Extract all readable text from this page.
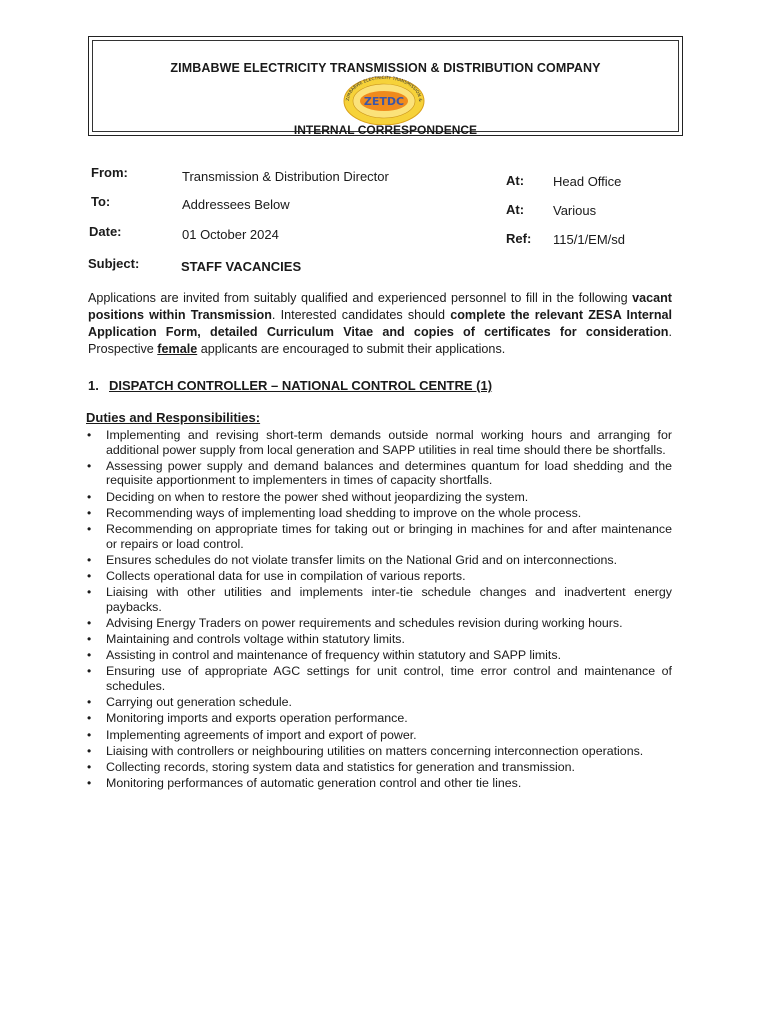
ZIMBABWE ELECTRICITY TRANSMISSION & DISTRIBUTION COMPANY
ZIMBABWE ELECTRICITY TRANSMISSION &
ZETDC
INTERNAL CORRESPONDENCE
From:	Transmission & Distribution Director	At: Head Office
To:	Addressees Below	At: Various
Date:	01 October 2024	Ref: 115/1/EM/sd
Subject:	STAFF VACANCIES
Applications are invited from suitably qualified and experienced personnel to fill in the following vacant positions within Transmission. Interested candidates should complete the relevant ZESA Internal Application Form, detailed Curriculum Vitae and copies of certificates for consideration. Prospective female applicants are encouraged to submit their applications.
1. DISPATCH CONTROLLER – NATIONAL CONTROL CENTRE (1)
Duties and Responsibilities:
• Implementing and revising short-term demands outside normal working hours and arranging for additional power supply from local generation and SAPP utilities in real time should there be shortfalls.
• Assessing power supply and demand balances and determines quantum for load shedding and the requisite apportionment to implementers in times of capacity shortfalls.
• Deciding on when to restore the power shed without jeopardizing the system.
• Recommending ways of implementing load shedding to improve on the whole process.
• Recommending on appropriate times for taking out or bringing in machines for and after maintenance or repairs or load control.
• Ensures schedules do not violate transfer limits on the National Grid and on interconnections.
• Collects operational data for use in compilation of various reports.
• Liaising with other utilities and implements inter-tie schedule changes and inadvertent energy paybacks.
• Advising Energy Traders on power requirements and schedules revision during working hours.
• Maintaining and controls voltage within statutory limits.
• Assisting in control and maintenance of frequency within statutory and SAPP limits.
• Ensuring use of appropriate AGC settings for unit control, time error control and maintenance of schedules.
• Carrying out generation schedule.
• Monitoring imports and exports operation performance.
• Implementing agreements of import and export of power.
• Liaising with controllers or neighbouring utilities on matters concerning interconnection operations.
• Collecting records, storing system data and statistics for generation and transmission.
• Monitoring performances of automatic generation control and other tie lines.
